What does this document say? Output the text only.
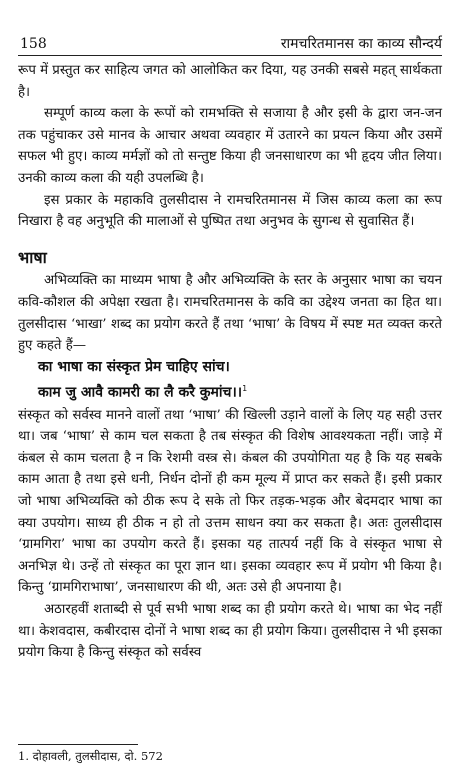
158	रामचरितमानस का काव्य सौन्दर्य

रूप में प्रस्तुत कर साहित्य जगत को आलोकित कर दिया, यह उनकी सबसे महत् सार्थकता है।

सम्पूर्ण काव्य कला के रूपों को रामभक्ति से सजाया है और इसी के द्वारा जन-जन तक पहुंचाकर उसे मानव के आचार अथवा व्यवहार में उतारने का प्रयत्न किया और उसमें सफल भी हुए। काव्य मर्मज्ञों को तो सन्तुष्ट किया ही जनसाधारण का भी हृदय जीत लिया। उनकी काव्य कला की यही उपलब्धि है।

इस प्रकार के महाकवि तुलसीदास ने रामचरितमानस में जिस काव्य कला का रूप निखारा है वह अनुभूति की मालाओं से पुष्पित तथा अनुभव के सुगन्ध से सुवासित हैं।

भाषा

अभिव्यक्ति का माध्यम भाषा है और अभिव्यक्ति के स्तर के अनुसार भाषा का चयन कवि-कौशल की अपेक्षा रखता है। रामचरितमानस के कवि का उद्देश्य जनता का हित था। तुलसीदास ‘भाखा’ शब्द का प्रयोग करते हैं तथा ‘भाषा’ के विषय में स्पष्ट मत व्यक्त करते हुए कहते हैं—

का भाषा का संस्कृत प्रेम चाहिए सांच।
काम जु आवै कामरी का लै करै कुमांच।।$^1$

संस्कृत को सर्वस्व मानने वालों तथा ‘भाषा’ की खिल्ली उड़ाने वालों के लिए यह सही उत्तर था। जब ‘भाषा’ से काम चल सकता है तब संस्कृत की विशेष आवश्यकता नहीं। जाड़े में कंबल से काम चलता है न कि रेशमी वस्त्र से। कंबल की उपयोगिता यह है कि यह सबके काम आता है तथा इसे धनी, निर्धन दोनों ही कम मूल्य में प्राप्त कर सकते हैं। इसी प्रकार जो भाषा अभिव्यक्ति को ठीक रूप दे सके तो फिर तड़क-भड़क और बेदमदार भाषा का क्या उपयोग। साध्य ही ठीक न हो तो उत्तम साधन क्या कर सकता है। अतः तुलसीदास ‘ग्रामगिरा’ भाषा का उपयोग करते हैं। इसका यह तात्पर्य नहीं कि वे संस्कृत भाषा से अनभिज्ञ थे। उन्हें तो संस्कृत का पूरा ज्ञान था। इसका व्यवहार रूप में प्रयोग भी किया है। किन्तु ‘ग्रामगिराभाषा’, जनसाधारण की थी, अतः उसे ही अपनाया है।

अठारहवीं शताब्दी से पूर्व सभी भाषा शब्द का ही प्रयोग करते थे। भाषा का भेद नहीं था। केशवदास, कबीरदास दोनों ने भाषा शब्द का ही प्रयोग किया। तुलसीदास ने भी इसका प्रयोग किया है किन्तु संस्कृत को सर्वस्व

1. दोहावली, तुलसीदास, दो. 572
